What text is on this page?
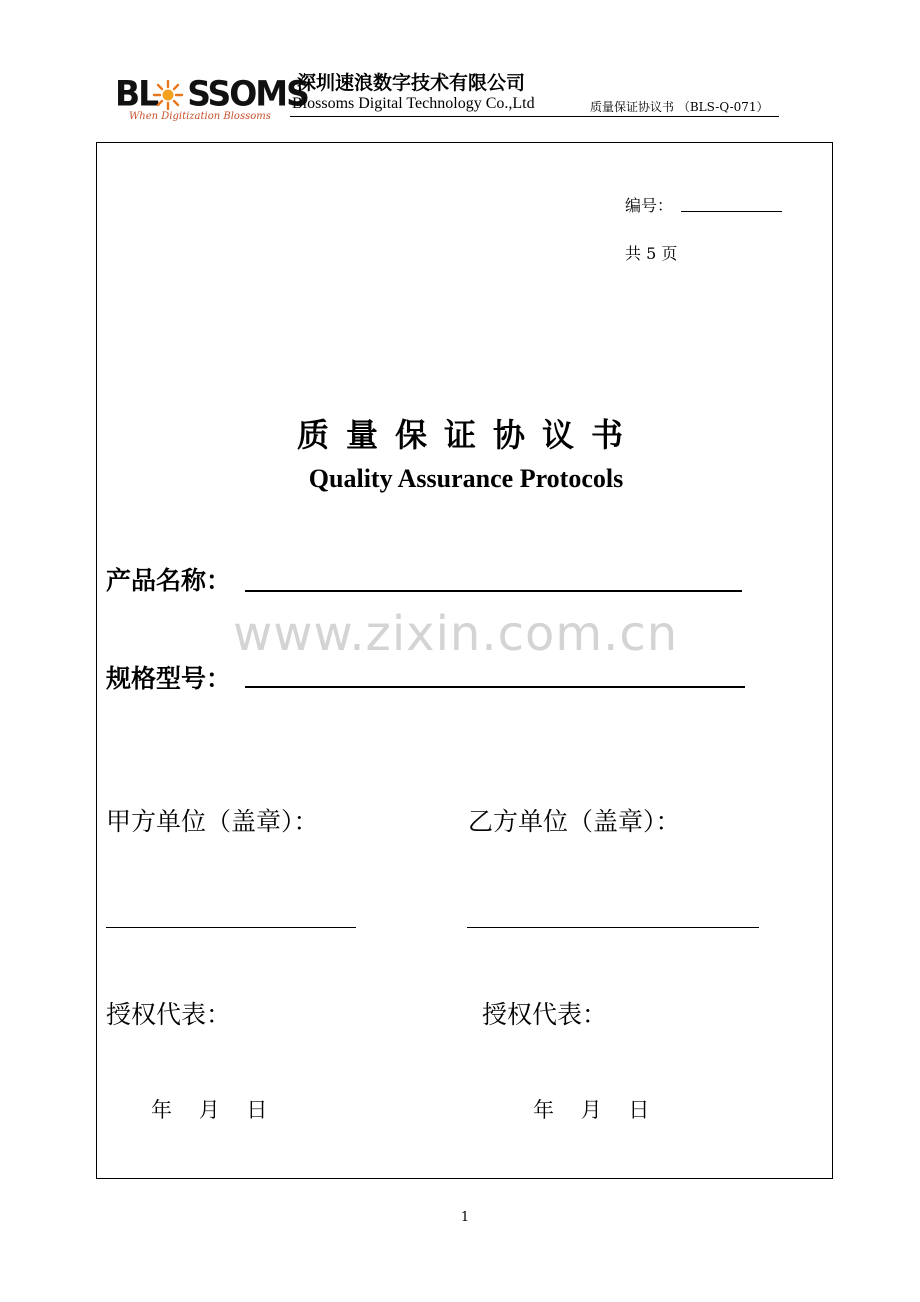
BL SSOMS
When Digitization Blossoms
深圳速浪数字技术有限公司
Blossoms Digital Technology Co.,Ltd	质量保证协议书 （BLS-Q-071）
编号：
共 5 页
质量保证协议书
Quality Assurance Protocols
产品名称：
www.zixin.com.cn
规格型号：
甲方单位（盖章）：	乙方单位（盖章）：
授权代表：	授权代表：
年    月    日	年    月    日
1
